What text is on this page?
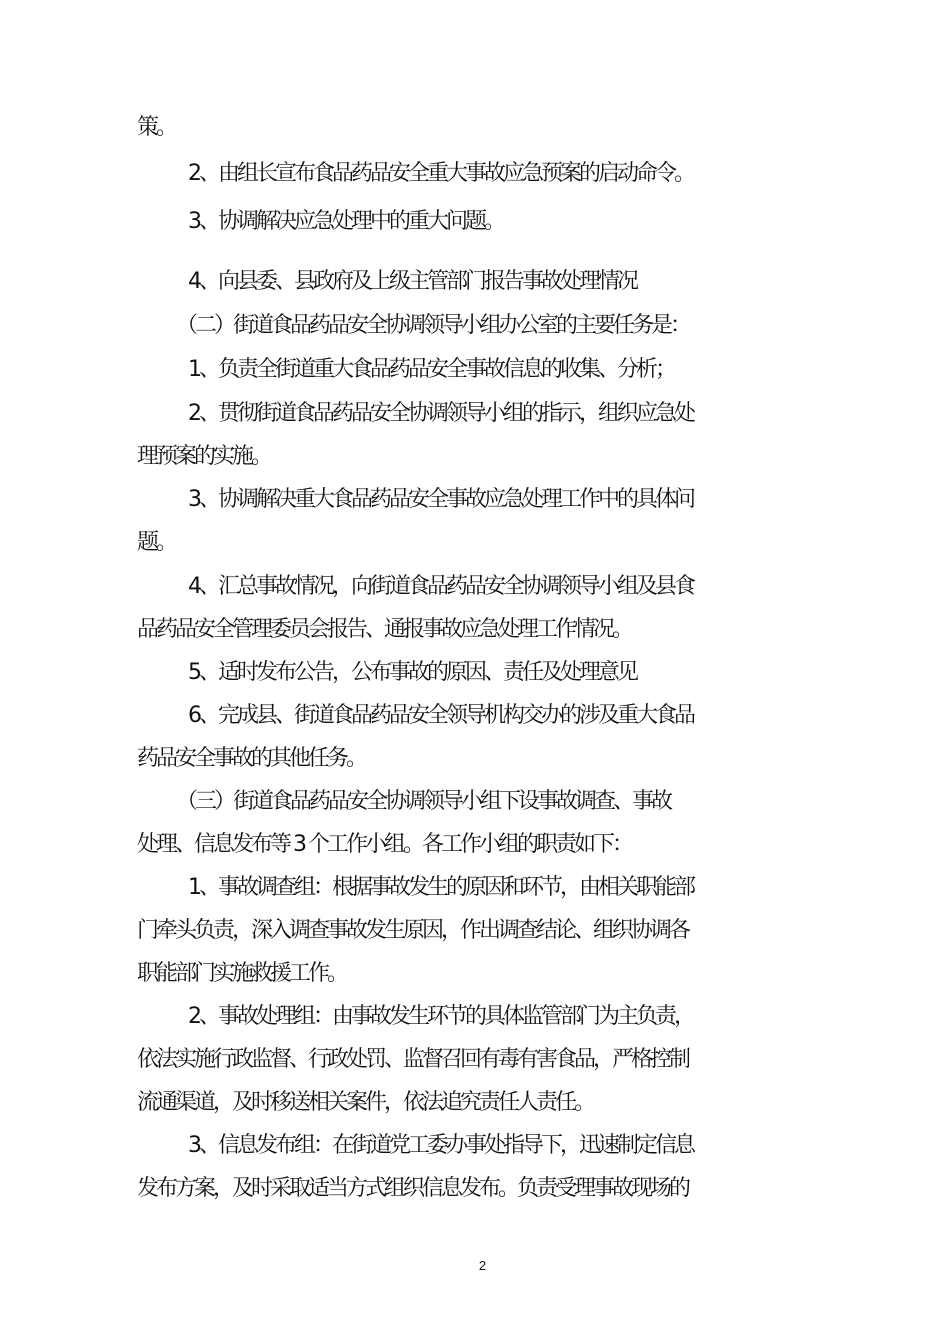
策。
2、由组长宣布食品药品安全重大事故应急预案的启动命令。
3、协调解决应急处理中的重大问题。
4、向县委、县政府及上级主管部门报告事故处理情况
（二）街道食品药品安全协调领导小组办公室的主要任务是：
1、负责全街道重大食品药品安全事故信息的收集、分析；
2、贯彻街道食品药品安全协调领导小组的指示，组织应急处
理预案的实施。
3、协调解决重大食品药品安全事故应急处理工作中的具体问
题。
4、汇总事故情况，向街道食品药品安全协调领导小组及县食
品药品安全管理委员会报告、通报事故应急处理工作情况。
5、适时发布公告，公布事故的原因、责任及处理意见
6、完成县、街道食品药品安全领导机构交办的涉及重大食品
药品安全事故的其他任务。
（三）街道食品药品安全协调领导小组下设事故调查、事故
处理、信息发布等 3 个工作小组。各工作小组的职责如下：
1、事故调查组：根据事故发生的原因和环节，由相关职能部
门牵头负责，深入调查事故发生原因，作出调查结论、组织协调各
职能部门实施救援工作。
2、事故处理组：由事故发生环节的具体监管部门为主负责，
依法实施行政监督、行政处罚、监督召回有毒有害食品，严格控制
流通渠道，及时移送相关案件，依法追究责任人责任。
3、信息发布组：在街道党工委办事处指导下，迅速制定信息
发布方案，及时采取适当方式组织信息发布。负责受理事故现场的
2
